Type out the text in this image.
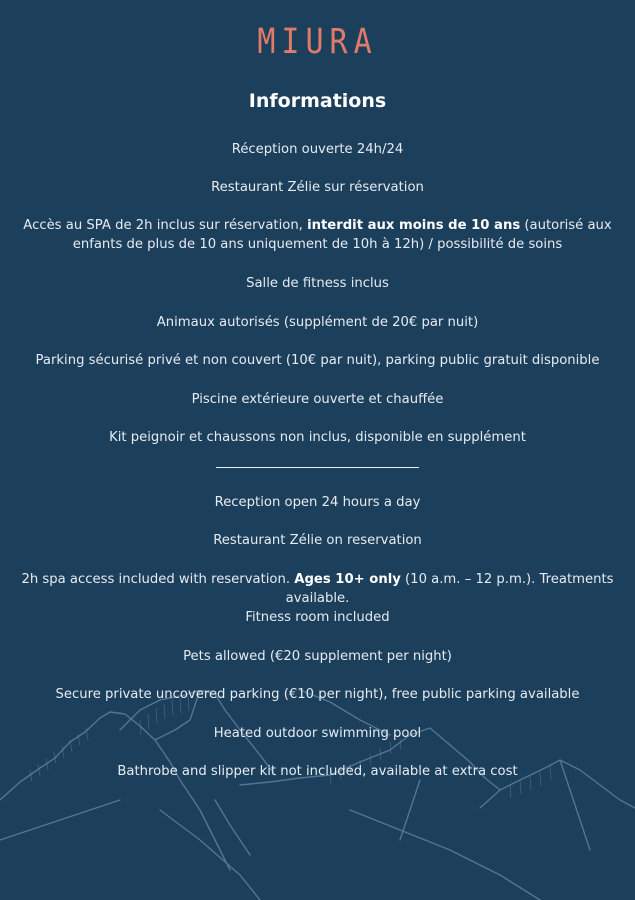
MIURA
Informations
Réception ouverte 24h/24
Restaurant Zélie sur réservation
Accès au SPA de 2h inclus sur réservation, interdit aux moins de 10 ans (autorisé aux enfants de plus de 10 ans uniquement de 10h à 12h) / possibilité de soins
Salle de fitness inclus
Animaux autorisés (supplément de 20€ par nuit)
Parking sécurisé privé et non couvert (10€ par nuit), parking public gratuit disponible
Piscine extérieure ouverte et chauffée
Kit peignoir et chaussons non inclus, disponible en supplément
Reception open 24 hours a day
Restaurant Zélie on reservation
2h spa access included with reservation. Ages 10+ only (10 a.m. – 12 p.m.). Treatments available.
Fitness room included
Pets allowed (€20 supplement per night)
Secure private uncovered parking (€10 per night), free public parking available
Heated outdoor swimming pool
Bathrobe and slipper kit not included, available at extra cost
